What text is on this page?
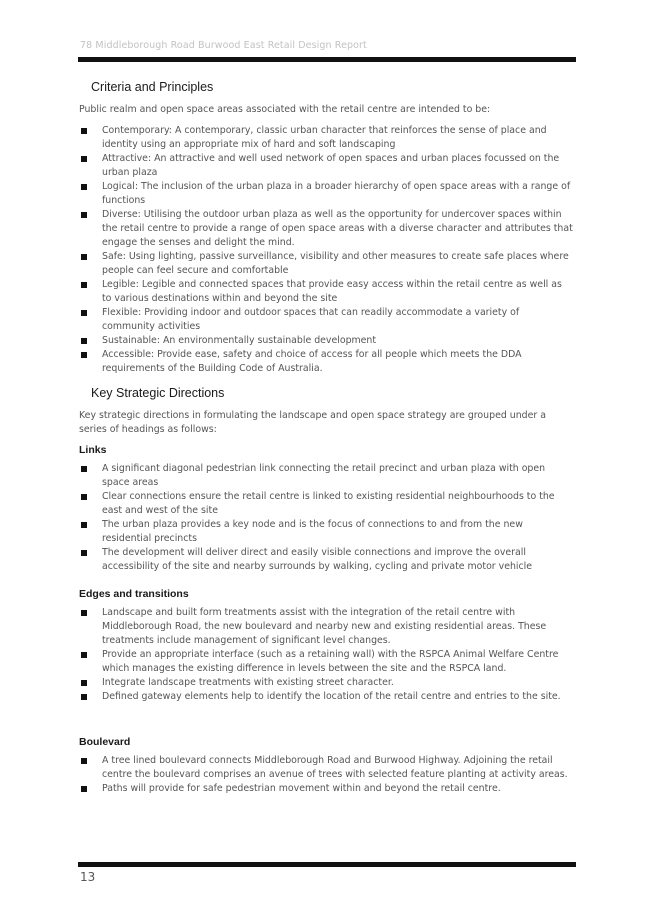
78 Middleborough Road Burwood East Retail Design Report
Criteria and Principles

Public realm and open space areas associated with the retail centre are intended to be:

Contemporary: A contemporary, classic urban character that reinforces the sense of place and identity using an appropriate mix of hard and soft landscaping
Attractive: An attractive and well used network of open spaces and urban places focussed on the urban plaza
Logical: The inclusion of the urban plaza in a broader hierarchy of open space areas with a range of functions
Diverse: Utilising the outdoor urban plaza as well as the opportunity for undercover spaces within the retail centre to provide a range of open space areas with a diverse character and attributes that engage the senses and delight the mind.
Safe: Using lighting, passive surveillance, visibility and other measures to create safe places where people can feel secure and comfortable
Legible: Legible and connected spaces that provide easy access within the retail centre as well as to various destinations within and beyond the site
Flexible: Providing indoor and outdoor spaces that can readily accommodate a variety of community activities
Sustainable: An environmentally sustainable development
Accessible: Provide ease, safety and choice of access for all people which meets the DDA requirements of the Building Code of Australia.
Key Strategic Directions

Key strategic directions in formulating the landscape and open space strategy are grouped under a series of headings as follows:

Links
A significant diagonal pedestrian link connecting the retail precinct and urban plaza with open space areas
Clear connections ensure the retail centre is linked to existing residential neighbourhoods to the east and west of the site
The urban plaza provides a key node and is the focus of connections to and from the new residential precincts
The development will deliver direct and easily visible connections and improve the overall accessibility of the site and nearby surrounds by walking, cycling and private motor vehicle
Edges and transitions
Landscape and built form treatments assist with the integration of the retail centre with Middleborough Road, the new boulevard and nearby new and existing residential areas. These treatments include management of significant level changes.
Provide an appropriate interface (such as a retaining wall) with the RSPCA Animal Welfare Centre which manages the existing difference in levels between the site and the RSPCA land.
Integrate landscape treatments with existing street character.
Defined gateway elements help to identify the location of the retail centre and entries to the site.
Boulevard
A tree lined boulevard connects Middleborough Road and Burwood Highway. Adjoining the retail centre the boulevard comprises an avenue of trees with selected feature planting at activity areas.
Paths will provide for safe pedestrian movement within and beyond the retail centre.
13
